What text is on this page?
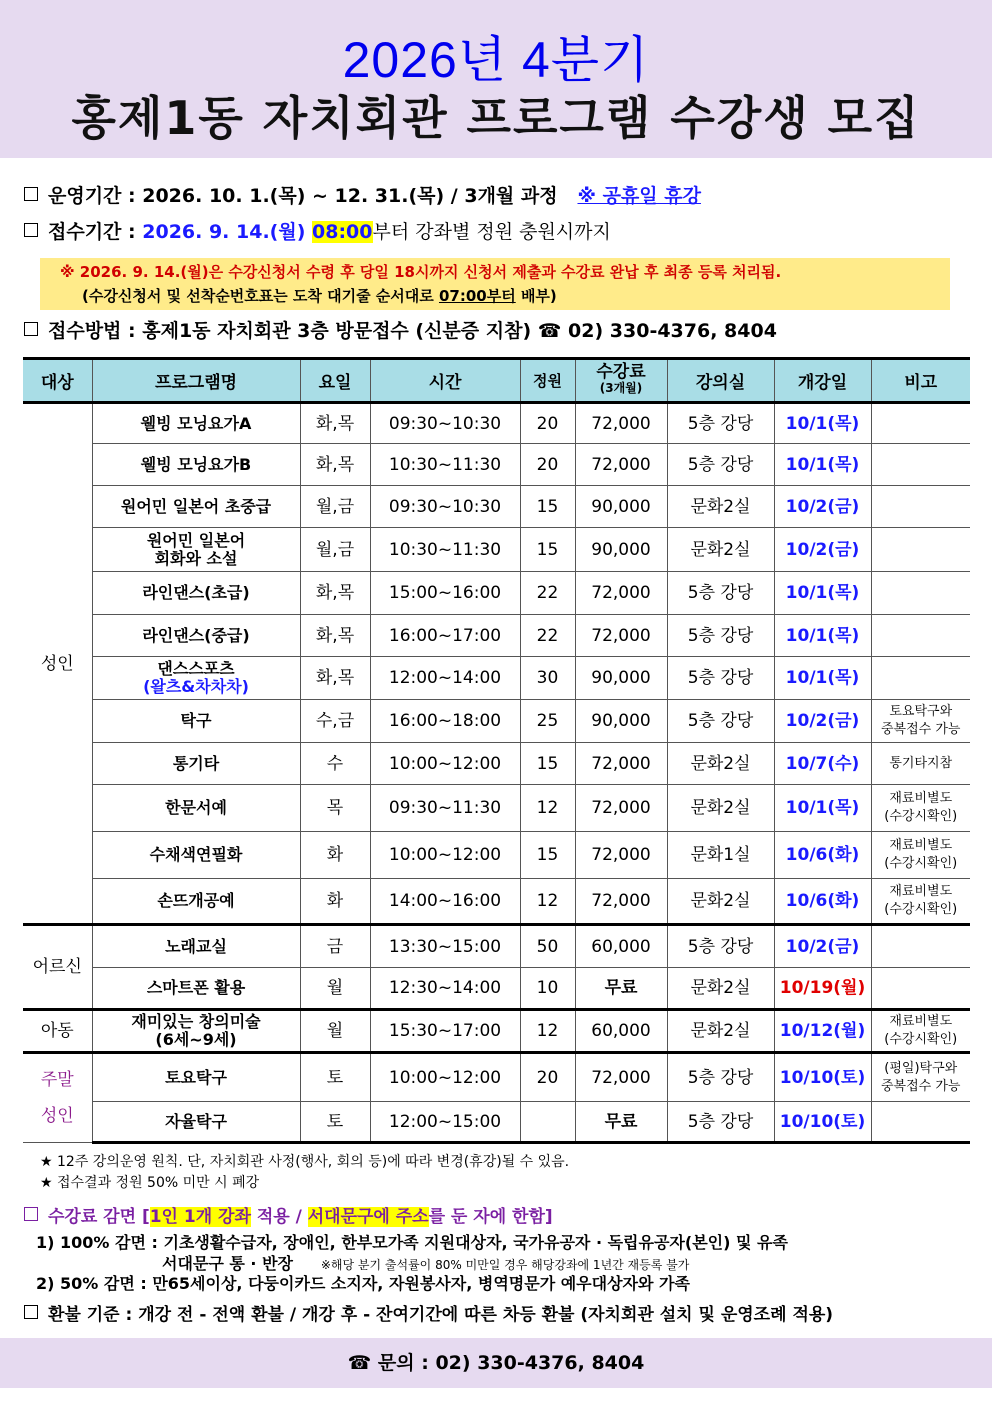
2026년 4분기
홍제1동 자치회관 프로그램 수강생 모집
운영기간 : 2026. 10. 1.(목) ~ 12. 31.(목) / 3개월 과정 ※ 공휴일 휴강
접수기간 : 2026. 9. 14.(월) 08:00부터 강좌별 정원 충원시까지
※ 2026. 9. 14.(월)은 수강신청서 수령 후 당일 18시까지 신청서 제출과 수강료 완납 후 최종 등록 처리됨.
(수강신청서 및 선착순번호표는 도착 대기줄 순서대로 07:00부터 배부)
접수방법 : 홍제1동 자치회관 3층 방문접수 (신분증 지참) ☎ 02) 330-4376, 8404
대상	프로그램명	요일	시간	정원	수강료
(3개월)	강의실	개강일	비고
성인	웰빙 모닝요가A	화,목	09:30~10:30	20	72,000	5층 강당	10/1(목)	
	웰빙 모닝요가B	화,목	10:30~11:30	20	72,000	5층 강당	10/1(목)	
	원어민 일본어 초중급	월,금	09:30~10:30	15	90,000	문화2실	10/2(금)	
	원어민 일본어
회화와 소설	월,금	10:30~11:30	15	90,000	문화2실	10/2(금)	
	라인댄스(초급)	화,목	15:00~16:00	22	72,000	5층 강당	10/1(목)	
	라인댄스(중급)	화,목	16:00~17:00	22	72,000	5층 강당	10/1(목)	
	댄스스포츠
(왈츠&차차차)	화,목	12:00~14:00	30	90,000	5층 강당	10/1(목)	
	탁구	수,금	16:00~18:00	25	90,000	5층 강당	10/2(금)	토요탁구와
중복접수 가능
	통기타	수	10:00~12:00	15	72,000	문화2실	10/7(수)	통기타지참
	한문서예	목	09:30~11:30	12	72,000	문화2실	10/1(목)	재료비별도
(수강시확인)
	수채색연필화	화	10:00~12:00	15	72,000	문화1실	10/6(화)	재료비별도
(수강시확인)
	손뜨개공예	화	14:00~16:00	12	72,000	문화2실	10/6(화)	재료비별도
(수강시확인)
어르신	노래교실	금	13:30~15:00	50	60,000	5층 강당	10/2(금)	
	스마트폰 활용	월	12:30~14:00	10	무료	문화2실	10/19(월)	
아동	재미있는 창의미술
(6세~9세)	월	15:30~17:00	12	60,000	문화2실	10/12(월)	재료비별도
(수강시확인)
주말

성인	토요탁구	토	10:00~12:00	20	72,000	5층 강당	10/10(토)	(평일)탁구와
중복접수 가능
	자율탁구	토	12:00~15:00		무료	5층 강당	10/10(토)	
★ 12주 강의운영 원칙. 단, 자치회관 사정(행사, 회의 등)에 따라 변경(휴강)될 수 있음.
★ 접수결과 정원 50% 미만 시 폐강
수강료 감면 [1인 1개 강좌 적용 / 서대문구에 주소를 둔 자에 한함]
1) 100% 감면 : 기초생활수급자, 장애인, 한부모가족 지원대상자, 국가유공자 · 독립유공자(본인) 및 유족
서대문구 통 · 반장 ※해당 분기 출석률이 80% 미만일 경우 해당강좌에 1년간 재등록 불가
2) 50% 감면 : 만65세이상, 다둥이카드 소지자, 자원봉사자, 병역명문가 예우대상자와 가족
환불 기준 : 개강 전 - 전액 환불 / 개강 후 - 잔여기간에 따른 차등 환불 (자치회관 설치 및 운영조례 적용)
☎ 문의 : 02) 330-4376, 8404
